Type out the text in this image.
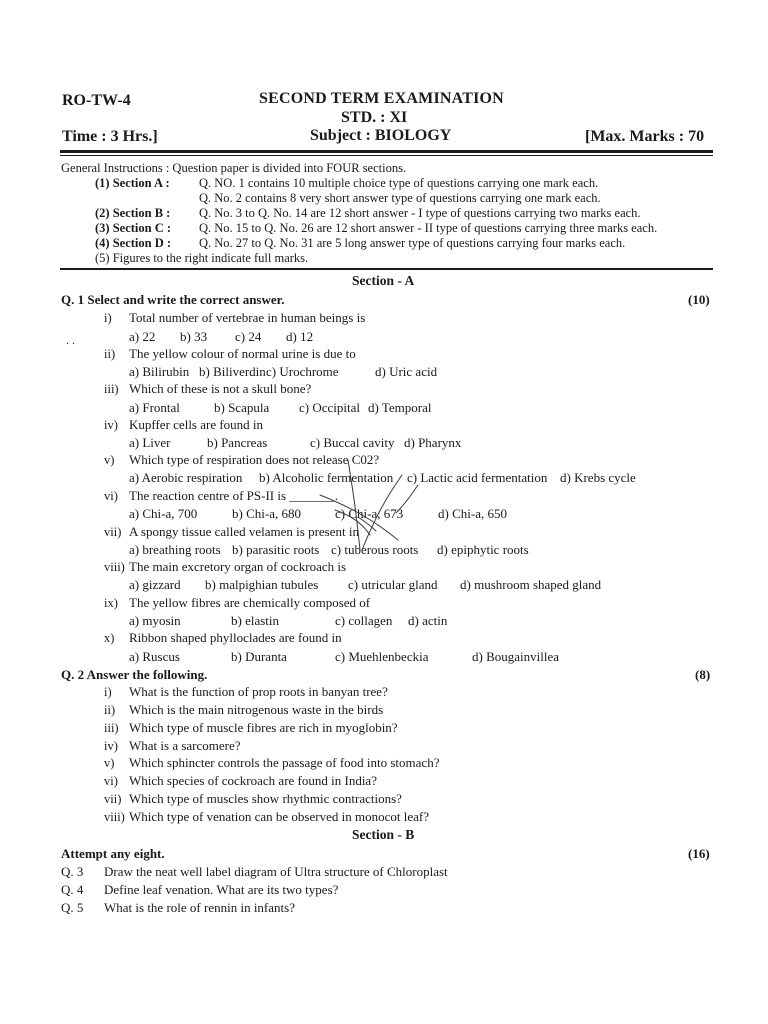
RO-TW-4	SECOND TERM EXAMINATION
STD. : XI
Time : 3 Hrs.]	Subject : BIOLOGY	[Max. Marks : 70
General Instructions : Question paper is divided into FOUR sections.
(1) Section A : Q. NO. 1 contains 10 multiple choice type of questions carrying one mark each.
Q. No. 2 contains 8 very short answer type of questions carrying one mark each.
(2) Section B : Q. No. 3 to Q. No. 14 are 12 short answer - I type of questions carrying two marks each.
(3) Section C : Q. No. 15 to Q. No. 26 are 12 short answer - II type of questions carrying three marks each.
(4) Section D : Q. No. 27 to Q. No. 31 are 5 long answer type of questions carrying four marks each.
(5) Figures to the right indicate full marks.
Section - A
Q. 1 Select and write the correct answer.	(10)
. .
i) Total number of vertebrae in human beings is
a) 22 b) 33 c) 24 d) 12
ii) The yellow colour of normal urine is due to
a) Bilirubin b) Biliverdin c) Urochrome	d) Uric acid
iii) Which of these is not a skull bone?
a) Frontal	b) Scapula c) Occipital d) Temporal
iv) Kupffer cells are found in
a) Liver	b) Pancreas	c) Buccal cavity d) Pharynx
v) Which type of respiration does not release C02?
a) Aerobic respiration b) Alcoholic fermentation c) Lactic acid fermentation d) Krebs cycle
vi) The reaction centre of PS-II is _______.
a) Chi-a, 700	b) Chi-a, 680	c) Chi-a, 673	d) Chi-a, 650
vii) A spongy tissue called velamen is present in
a) breathing roots b) parasitic roots c) tuberous roots d) epiphytic roots
viii) The main excretory organ of cockroach is
a) gizzard b) malpighian tubules c) utricular gland d) mushroom shaped gland
ix) The yellow fibres are chemically composed of
a) myosin	b) elastin	c) collagen d) actin
x) Ribbon shaped phylloclades are found in
a) Ruscus	b) Duranta	c) Muehlenbeckia	d) Bougainvillea
Q. 2 Answer the following.	(8)
i) What is the function of prop roots in banyan tree?
ii) Which is the main nitrogenous waste in the birds
iii) Which type of muscle fibres are rich in myoglobin?
iv) What is a sarcomere?
v) Which sphincter controls the passage of food into stomach?
vi) Which species of cockroach are found in India?
vii) Which type of muscles show rhythmic contractions?
viii) Which type of venation can be observed in monocot leaf?
Section - B
Attempt any eight.	(16)
Q. 3 Draw the neat well label diagram of Ultra structure of Chloroplast
Q. 4 Define leaf venation. What are its two types?
Q. 5 What is the role of rennin in infants?
